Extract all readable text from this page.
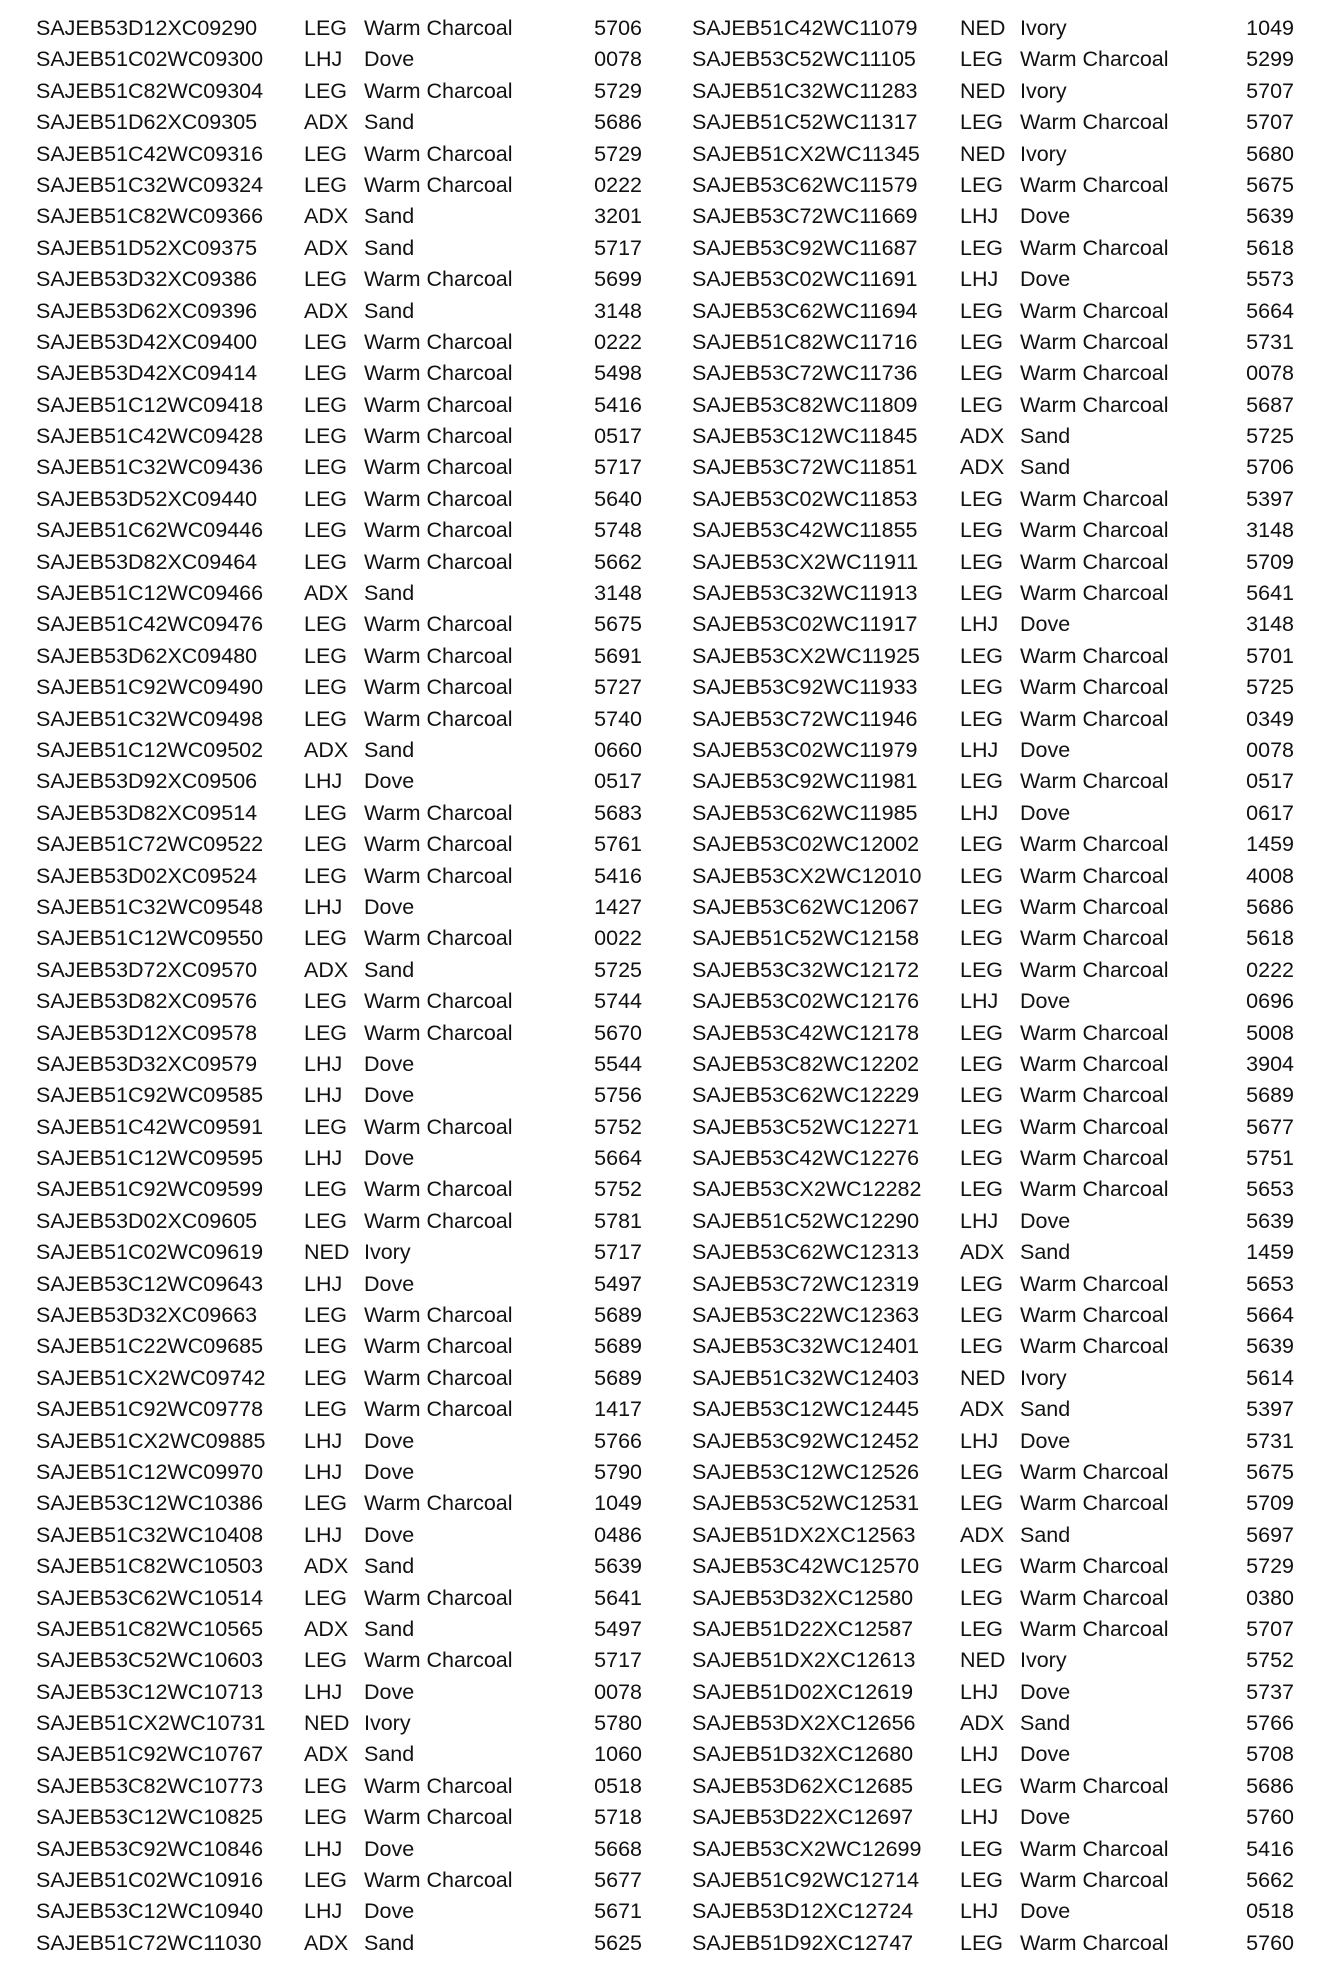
SAJEB53D12XC09290 LEG Warm Charcoal	5706
SAJEB51C02WC09300 LHJ Dove	0078
SAJEB51C82WC09304 LEG Warm Charcoal	5729
SAJEB51D62XC09305 ADX Sand	5686
SAJEB51C42WC09316 LEG Warm Charcoal	5729
SAJEB51C32WC09324 LEG Warm Charcoal	0222
SAJEB51C82WC09366 ADX Sand	3201
SAJEB51D52XC09375 ADX Sand	5717
SAJEB53D32XC09386 LEG Warm Charcoal	5699
SAJEB53D62XC09396 ADX Sand	3148
SAJEB53D42XC09400 LEG Warm Charcoal	0222
SAJEB53D42XC09414 LEG Warm Charcoal	5498
SAJEB51C12WC09418 LEG Warm Charcoal	5416
SAJEB51C42WC09428 LEG Warm Charcoal	0517
SAJEB51C32WC09436 LEG Warm Charcoal	5717
SAJEB53D52XC09440 LEG Warm Charcoal	5640
SAJEB51C62WC09446 LEG Warm Charcoal	5748
SAJEB53D82XC09464 LEG Warm Charcoal	5662
SAJEB51C12WC09466 ADX Sand	3148
SAJEB51C42WC09476 LEG Warm Charcoal	5675
SAJEB53D62XC09480 LEG Warm Charcoal	5691
SAJEB51C92WC09490 LEG Warm Charcoal	5727
SAJEB51C32WC09498 LEG Warm Charcoal	5740
SAJEB51C12WC09502 ADX Sand	0660
SAJEB53D92XC09506 LHJ Dove	0517
SAJEB53D82XC09514 LEG Warm Charcoal	5683
SAJEB51C72WC09522 LEG Warm Charcoal	5761
SAJEB53D02XC09524 LEG Warm Charcoal	5416
SAJEB51C32WC09548 LHJ Dove	1427
SAJEB51C12WC09550 LEG Warm Charcoal	0022
SAJEB53D72XC09570 ADX Sand	5725
SAJEB53D82XC09576 LEG Warm Charcoal	5744
SAJEB53D12XC09578 LEG Warm Charcoal	5670
SAJEB53D32XC09579 LHJ Dove	5544
SAJEB51C92WC09585 LHJ Dove	5756
SAJEB51C42WC09591 LEG Warm Charcoal	5752
SAJEB51C12WC09595 LHJ Dove	5664
SAJEB51C92WC09599 LEG Warm Charcoal	5752
SAJEB53D02XC09605 LEG Warm Charcoal	5781
SAJEB51C02WC09619 NED Ivory	5717
SAJEB53C12WC09643 LHJ Dove	5497
SAJEB53D32XC09663 LEG Warm Charcoal	5689
SAJEB51C22WC09685 LEG Warm Charcoal	5689
SAJEB51CX2WC09742 LEG Warm Charcoal	5689
SAJEB51C92WC09778 LEG Warm Charcoal	1417
SAJEB51CX2WC09885 LHJ Dove	5766
SAJEB51C12WC09970 LHJ Dove	5790
SAJEB53C12WC10386 LEG Warm Charcoal	1049
SAJEB51C32WC10408 LHJ Dove	0486
SAJEB51C82WC10503 ADX Sand	5639
SAJEB53C62WC10514 LEG Warm Charcoal	5641
SAJEB51C82WC10565 ADX Sand	5497
SAJEB53C52WC10603 LEG Warm Charcoal	5717
SAJEB53C12WC10713 LHJ Dove	0078
SAJEB51CX2WC10731 NED Ivory	5780
SAJEB51C92WC10767 ADX Sand	1060
SAJEB53C82WC10773 LEG Warm Charcoal	0518
SAJEB53C12WC10825 LEG Warm Charcoal	5718
SAJEB53C92WC10846 LHJ Dove	5668
SAJEB51C02WC10916 LEG Warm Charcoal	5677
SAJEB53C12WC10940 LHJ Dove	5671
SAJEB51C72WC11030 ADX Sand	5625
SAJEB51C42WC11079 NED Ivory	1049
SAJEB53C52WC11105 LEG Warm Charcoal	5299
SAJEB51C32WC11283 NED Ivory	5707
SAJEB51C52WC11317 LEG Warm Charcoal	5707
SAJEB51CX2WC11345 NED Ivory	5680
SAJEB53C62WC11579 LEG Warm Charcoal	5675
SAJEB53C72WC11669 LHJ Dove	5639
SAJEB53C92WC11687 LEG Warm Charcoal	5618
SAJEB53C02WC11691 LHJ Dove	5573
SAJEB53C62WC11694 LEG Warm Charcoal	5664
SAJEB51C82WC11716 LEG Warm Charcoal	5731
SAJEB53C72WC11736 LEG Warm Charcoal	0078
SAJEB53C82WC11809 LEG Warm Charcoal	5687
SAJEB53C12WC11845 ADX Sand	5725
SAJEB53C72WC11851 ADX Sand	5706
SAJEB53C02WC11853 LEG Warm Charcoal	5397
SAJEB53C42WC11855 LEG Warm Charcoal	3148
SAJEB53CX2WC11911 LEG Warm Charcoal	5709
SAJEB53C32WC11913 LEG Warm Charcoal	5641
SAJEB53C02WC11917 LHJ Dove	3148
SAJEB53CX2WC11925 LEG Warm Charcoal	5701
SAJEB53C92WC11933 LEG Warm Charcoal	5725
SAJEB53C72WC11946 LEG Warm Charcoal	0349
SAJEB53C02WC11979 LHJ Dove	0078
SAJEB53C92WC11981 LEG Warm Charcoal	0517
SAJEB53C62WC11985 LHJ Dove	0617
SAJEB53C02WC12002 LEG Warm Charcoal	1459
SAJEB53CX2WC12010 LEG Warm Charcoal	4008
SAJEB53C62WC12067 LEG Warm Charcoal	5686
SAJEB51C52WC12158 LEG Warm Charcoal	5618
SAJEB53C32WC12172 LEG Warm Charcoal	0222
SAJEB53C02WC12176 LHJ Dove	0696
SAJEB53C42WC12178 LEG Warm Charcoal	5008
SAJEB53C82WC12202 LEG Warm Charcoal	3904
SAJEB53C62WC12229 LEG Warm Charcoal	5689
SAJEB53C52WC12271 LEG Warm Charcoal	5677
SAJEB53C42WC12276 LEG Warm Charcoal	5751
SAJEB53CX2WC12282 LEG Warm Charcoal	5653
SAJEB51C52WC12290 LHJ Dove	5639
SAJEB53C62WC12313 ADX Sand	1459
SAJEB53C72WC12319 LEG Warm Charcoal	5653
SAJEB53C22WC12363 LEG Warm Charcoal	5664
SAJEB53C32WC12401 LEG Warm Charcoal	5639
SAJEB51C32WC12403 NED Ivory	5614
SAJEB53C12WC12445 ADX Sand	5397
SAJEB53C92WC12452 LHJ Dove	5731
SAJEB53C12WC12526 LEG Warm Charcoal	5675
SAJEB53C52WC12531 LEG Warm Charcoal	5709
SAJEB51DX2XC12563 ADX Sand	5697
SAJEB53C42WC12570 LEG Warm Charcoal	5729
SAJEB53D32XC12580 LEG Warm Charcoal	0380
SAJEB51D22XC12587 LEG Warm Charcoal	5707
SAJEB51DX2XC12613 NED Ivory	5752
SAJEB51D02XC12619 LHJ Dove	5737
SAJEB53DX2XC12656 ADX Sand	5766
SAJEB51D32XC12680 LHJ Dove	5708
SAJEB53D62XC12685 LEG Warm Charcoal	5686
SAJEB53D22XC12697 LHJ Dove	5760
SAJEB53CX2WC12699 LEG Warm Charcoal	5416
SAJEB51C92WC12714 LEG Warm Charcoal	5662
SAJEB53D12XC12724 LHJ Dove	0518
SAJEB51D92XC12747 LEG Warm Charcoal	5760
